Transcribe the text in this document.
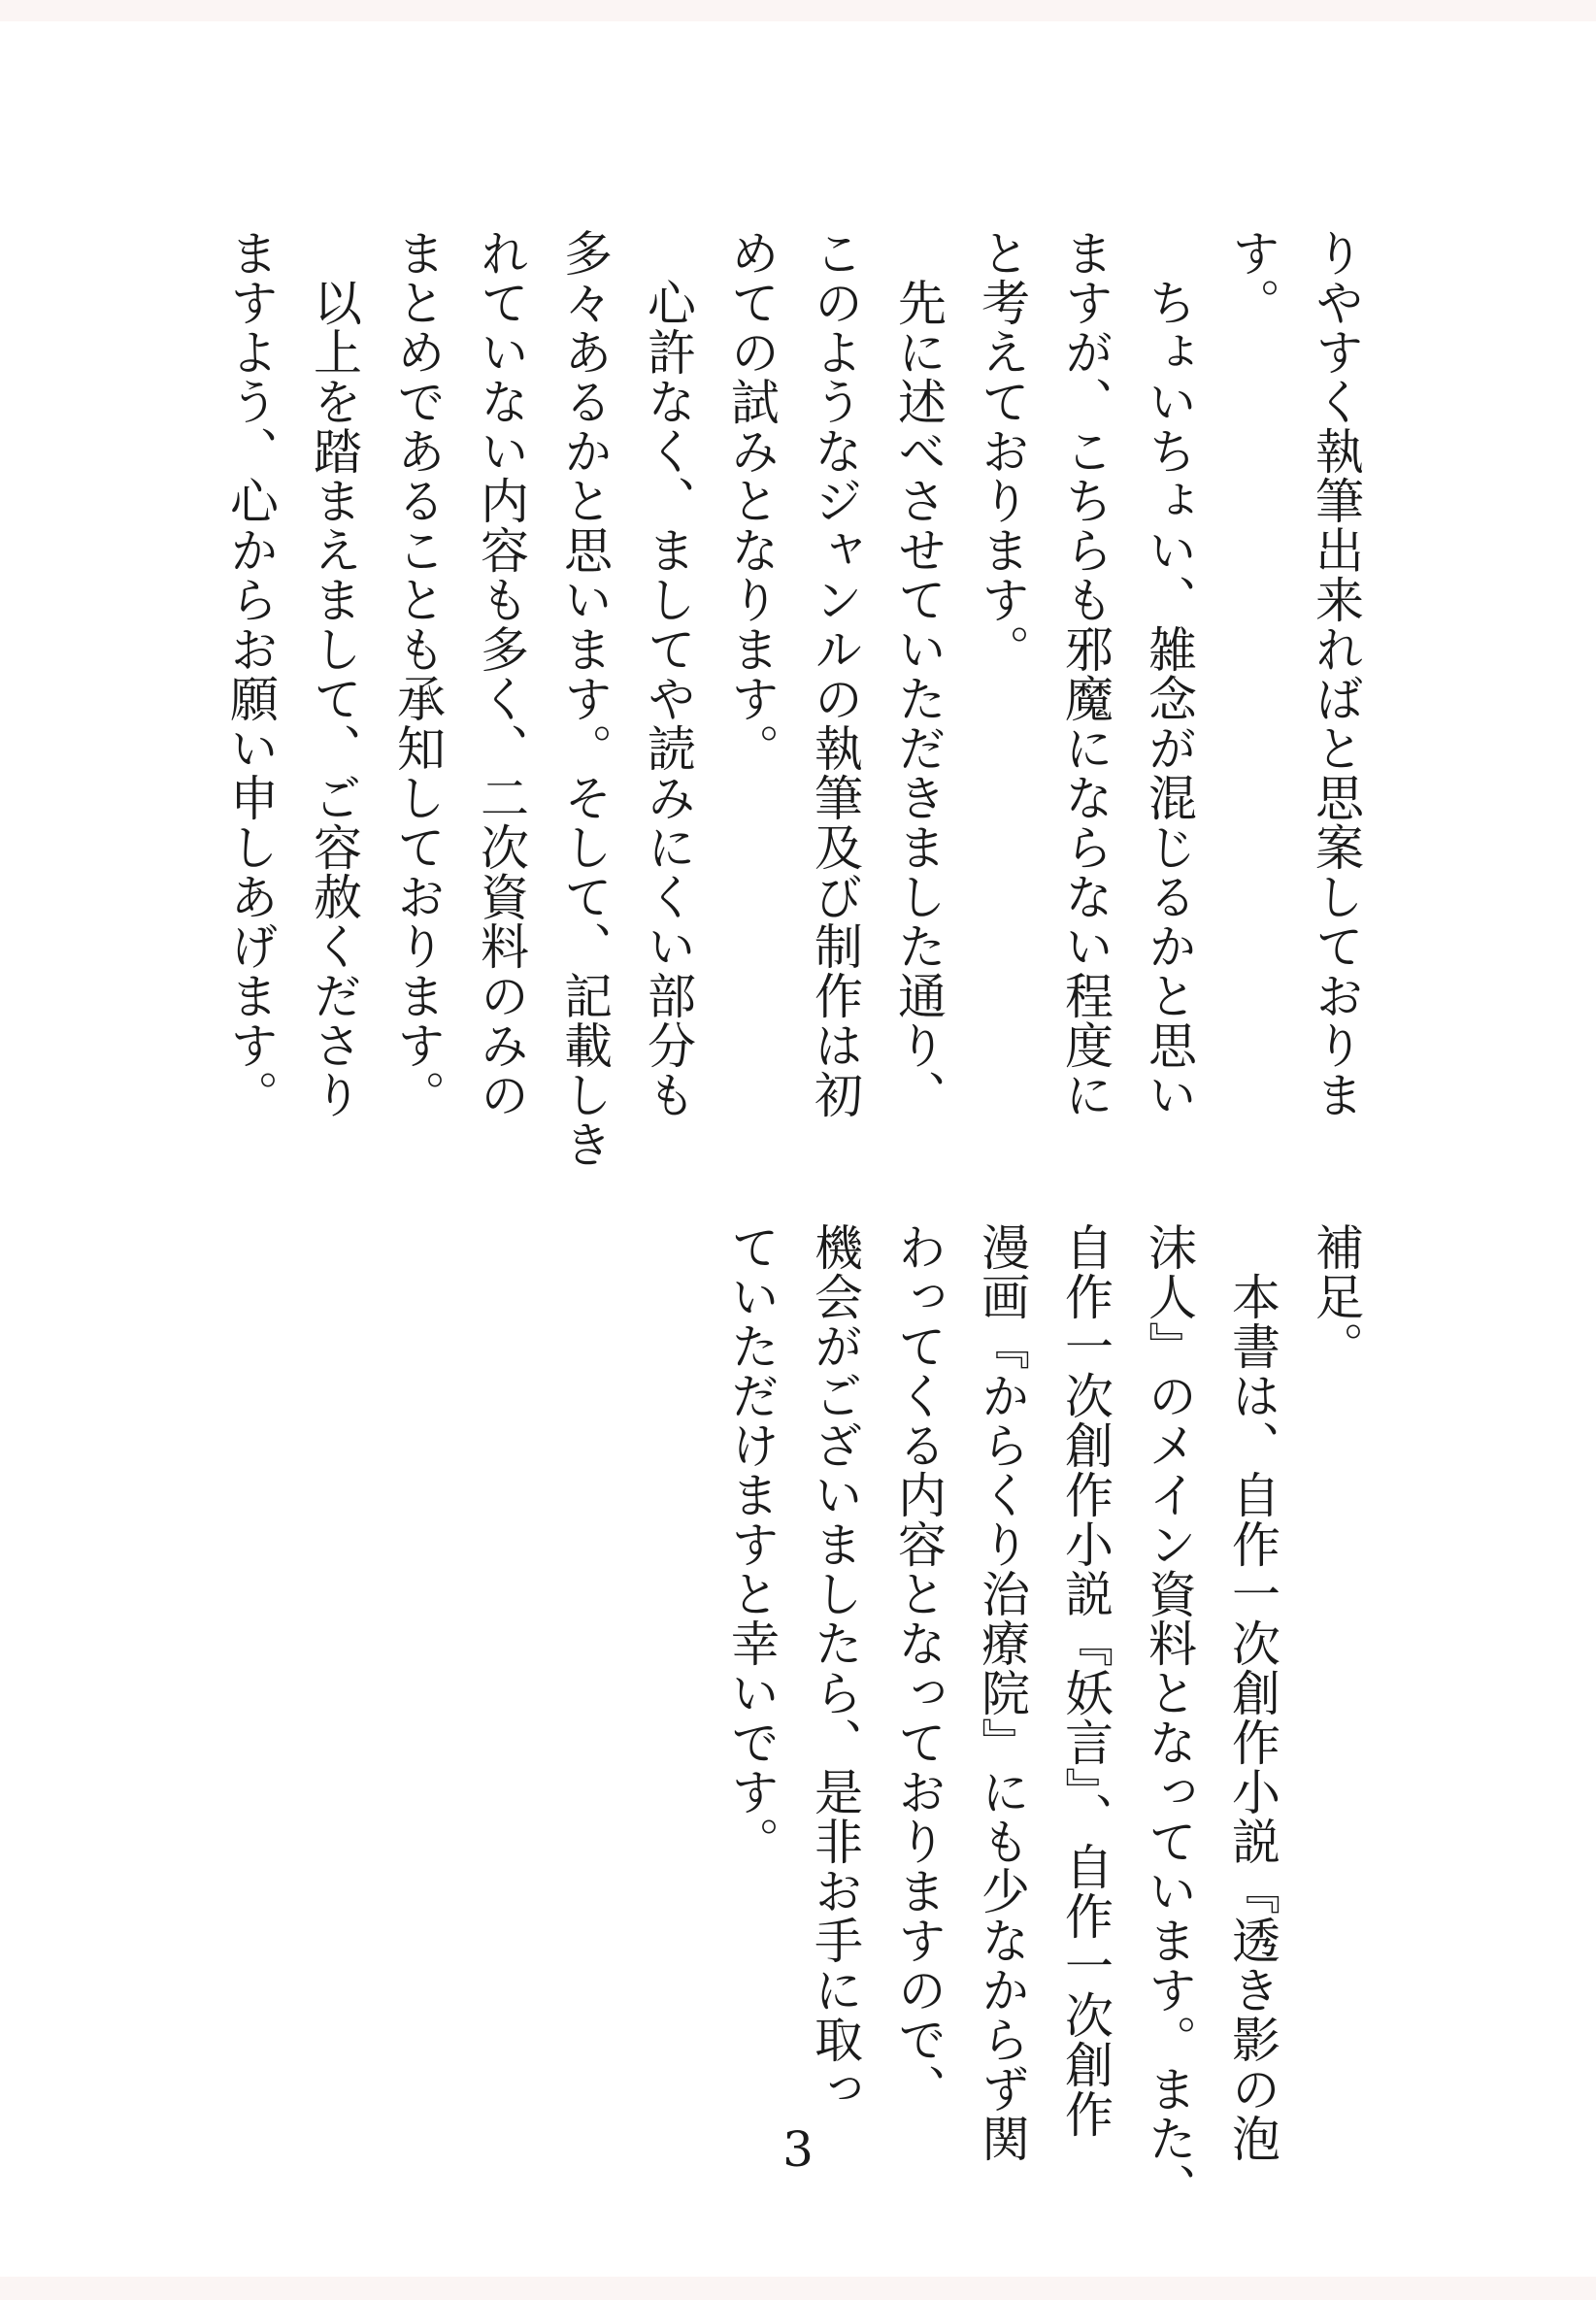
りやすく執筆出来ればと思案しておりま
す。
　ちょいちょい、雑念が混じるかと思い
ますが、こちらも邪魔にならない程度に
と考えております。
　先に述べさせていただきました通り、
このようなジャンルの執筆及び制作は初
めての試みとなります。
　心許なく、ましてや読みにくい部分も
多々あるかと思います。そして、記載しき
れていない内容も多く、二次資料のみの
まとめであることも承知しております。
　以上を踏まえまして、ご容赦くださり
ますよう、心からお願い申しあげます。
補足。
　本書は、自作一次創作小説『透き影の泡
沫人』のメイン資料となっています。また、
自作一次創作小説『妖言』、自作一次創作
漫画『からくり治療院』にも少なからず関
わってくる内容となっておりますので、
機会がございましたら、是非お手に取っ
ていただけますと幸いです。
3
